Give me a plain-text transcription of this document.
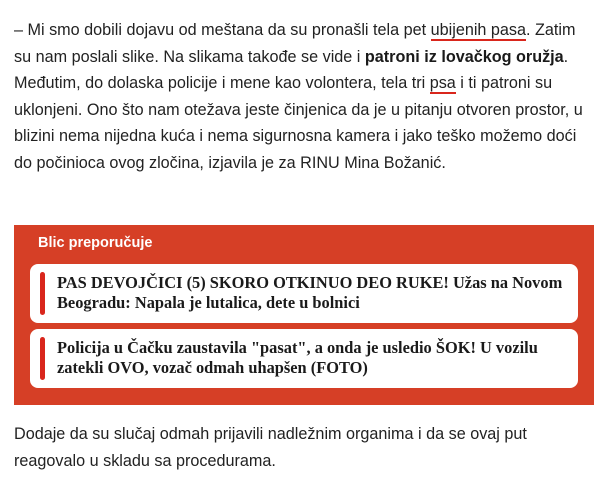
– Mi smo dobili dojavu od meštana da su pronašli tela pet ubijenih pasa. Zatim su nam poslali slike. Na slikama takođe se vide i patroni iz lovačkog oružja. Međutim, do dolaska policije i mene kao volontera, tela tri psa i ti patroni su uklonjeni. Ono što nam otežava jeste činjenica da je u pitanju otvoren prostor, u blizini nema nijedna kuća i nema sigurnosna kamera i jako teško možemo doći do počinioca ovog zločina, izjavila je za RINU Mina Božanić.

Blic preporučuje
PAS DEVOJČICI (5) SKORO OTKINUO DEO RUKE! Užas na Novom Beogradu: Napala je lutalica, dete u bolnici
Policija u Čačku zaustavila "pasat", a onda je usledio ŠOK! U vozilu zatekli OVO, vozač odmah uhapšen (FOTO)

Dodaje da su slučaj odmah prijavili nadležnim organima i da se ovaj put reagovalo u skladu sa procedurama.
